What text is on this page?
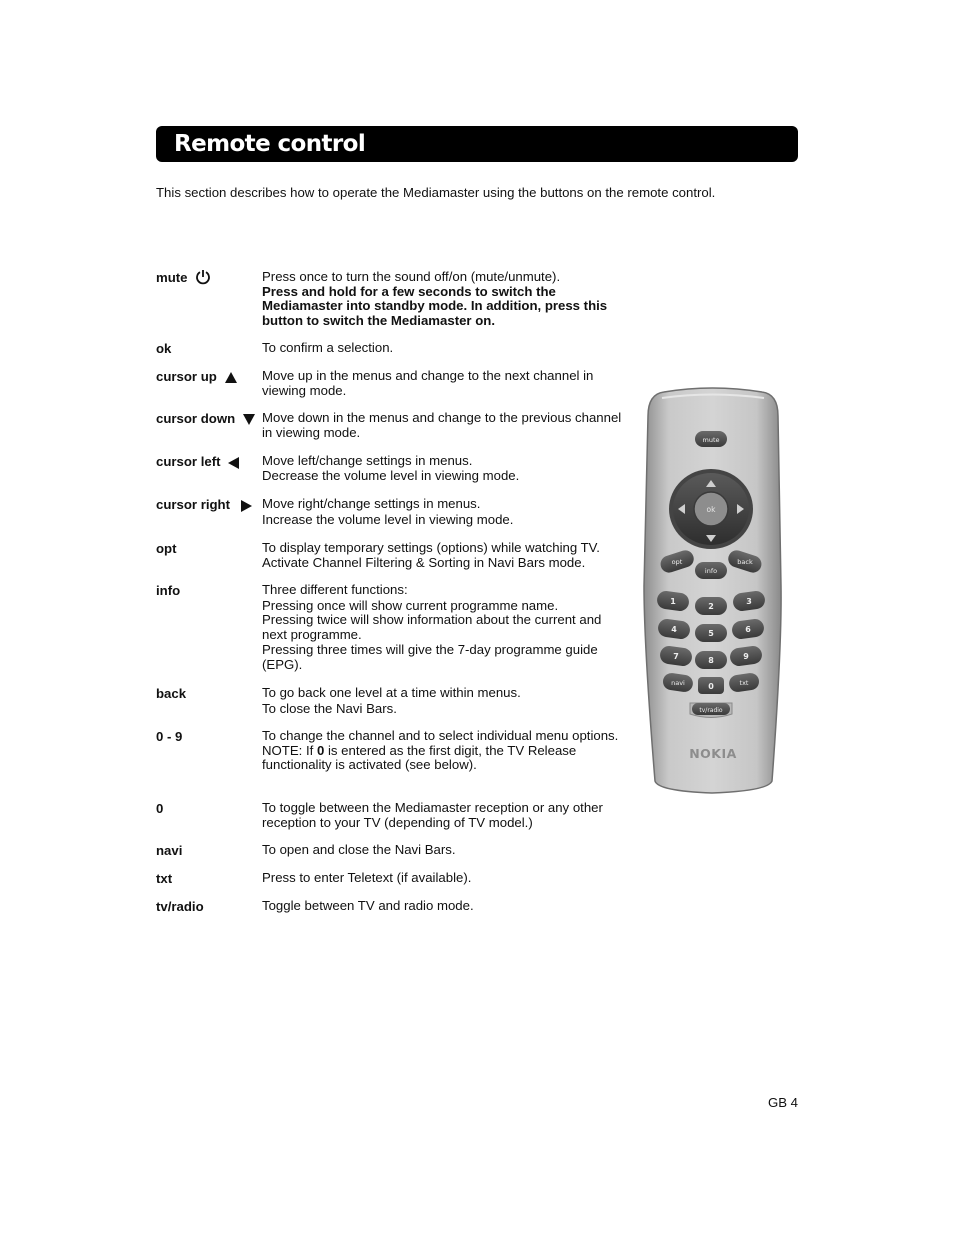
Remote control
This section describes how to operate the Mediamaster using the buttons on the remote control.
mute	Press once to turn the sound off/on (mute/unmute).

Press and hold for a few seconds to switch the Mediamaster into standby mode. In addition, press this button to switch the Mediamaster on.

ok	To confirm a selection.

cursor up	Move up in the menus and change to the next channel in viewing mode.

cursor down	Move down in the menus and change to the previous channel in viewing mode.

cursor left	Move left/change settings in menus.

Decrease the volume level in viewing mode.

cursor right	Move right/change settings in menus.

Increase the volume level in viewing mode.

opt	To display temporary settings (options) while watching TV.

Activate Channel Filtering & Sorting in Navi Bars mode.

info	Three different functions:

Pressing once will show current programme name.

Pressing twice will show information about the current and next programme.

Pressing three times will give the 7-day programme guide (EPG).

back	To go back one level at a time within menus.

To close the Navi Bars.

0 - 9	To change the channel and to select individual menu options.

NOTE: If 0 is entered as the first digit, the TV Release functionality is activated (see below).

0	To toggle between the Mediamaster reception or any other reception to your TV (depending of TV model.)

navi	To open and close the Navi Bars.

txt	Press to enter Teletext (if available).

tv/radio	Toggle between TV and radio mode.

mute
ok
opt
info
back
1
2
3
4	5	6
7	8	9
navi	0	txt
tv/radio
NOKIA
GB 4
